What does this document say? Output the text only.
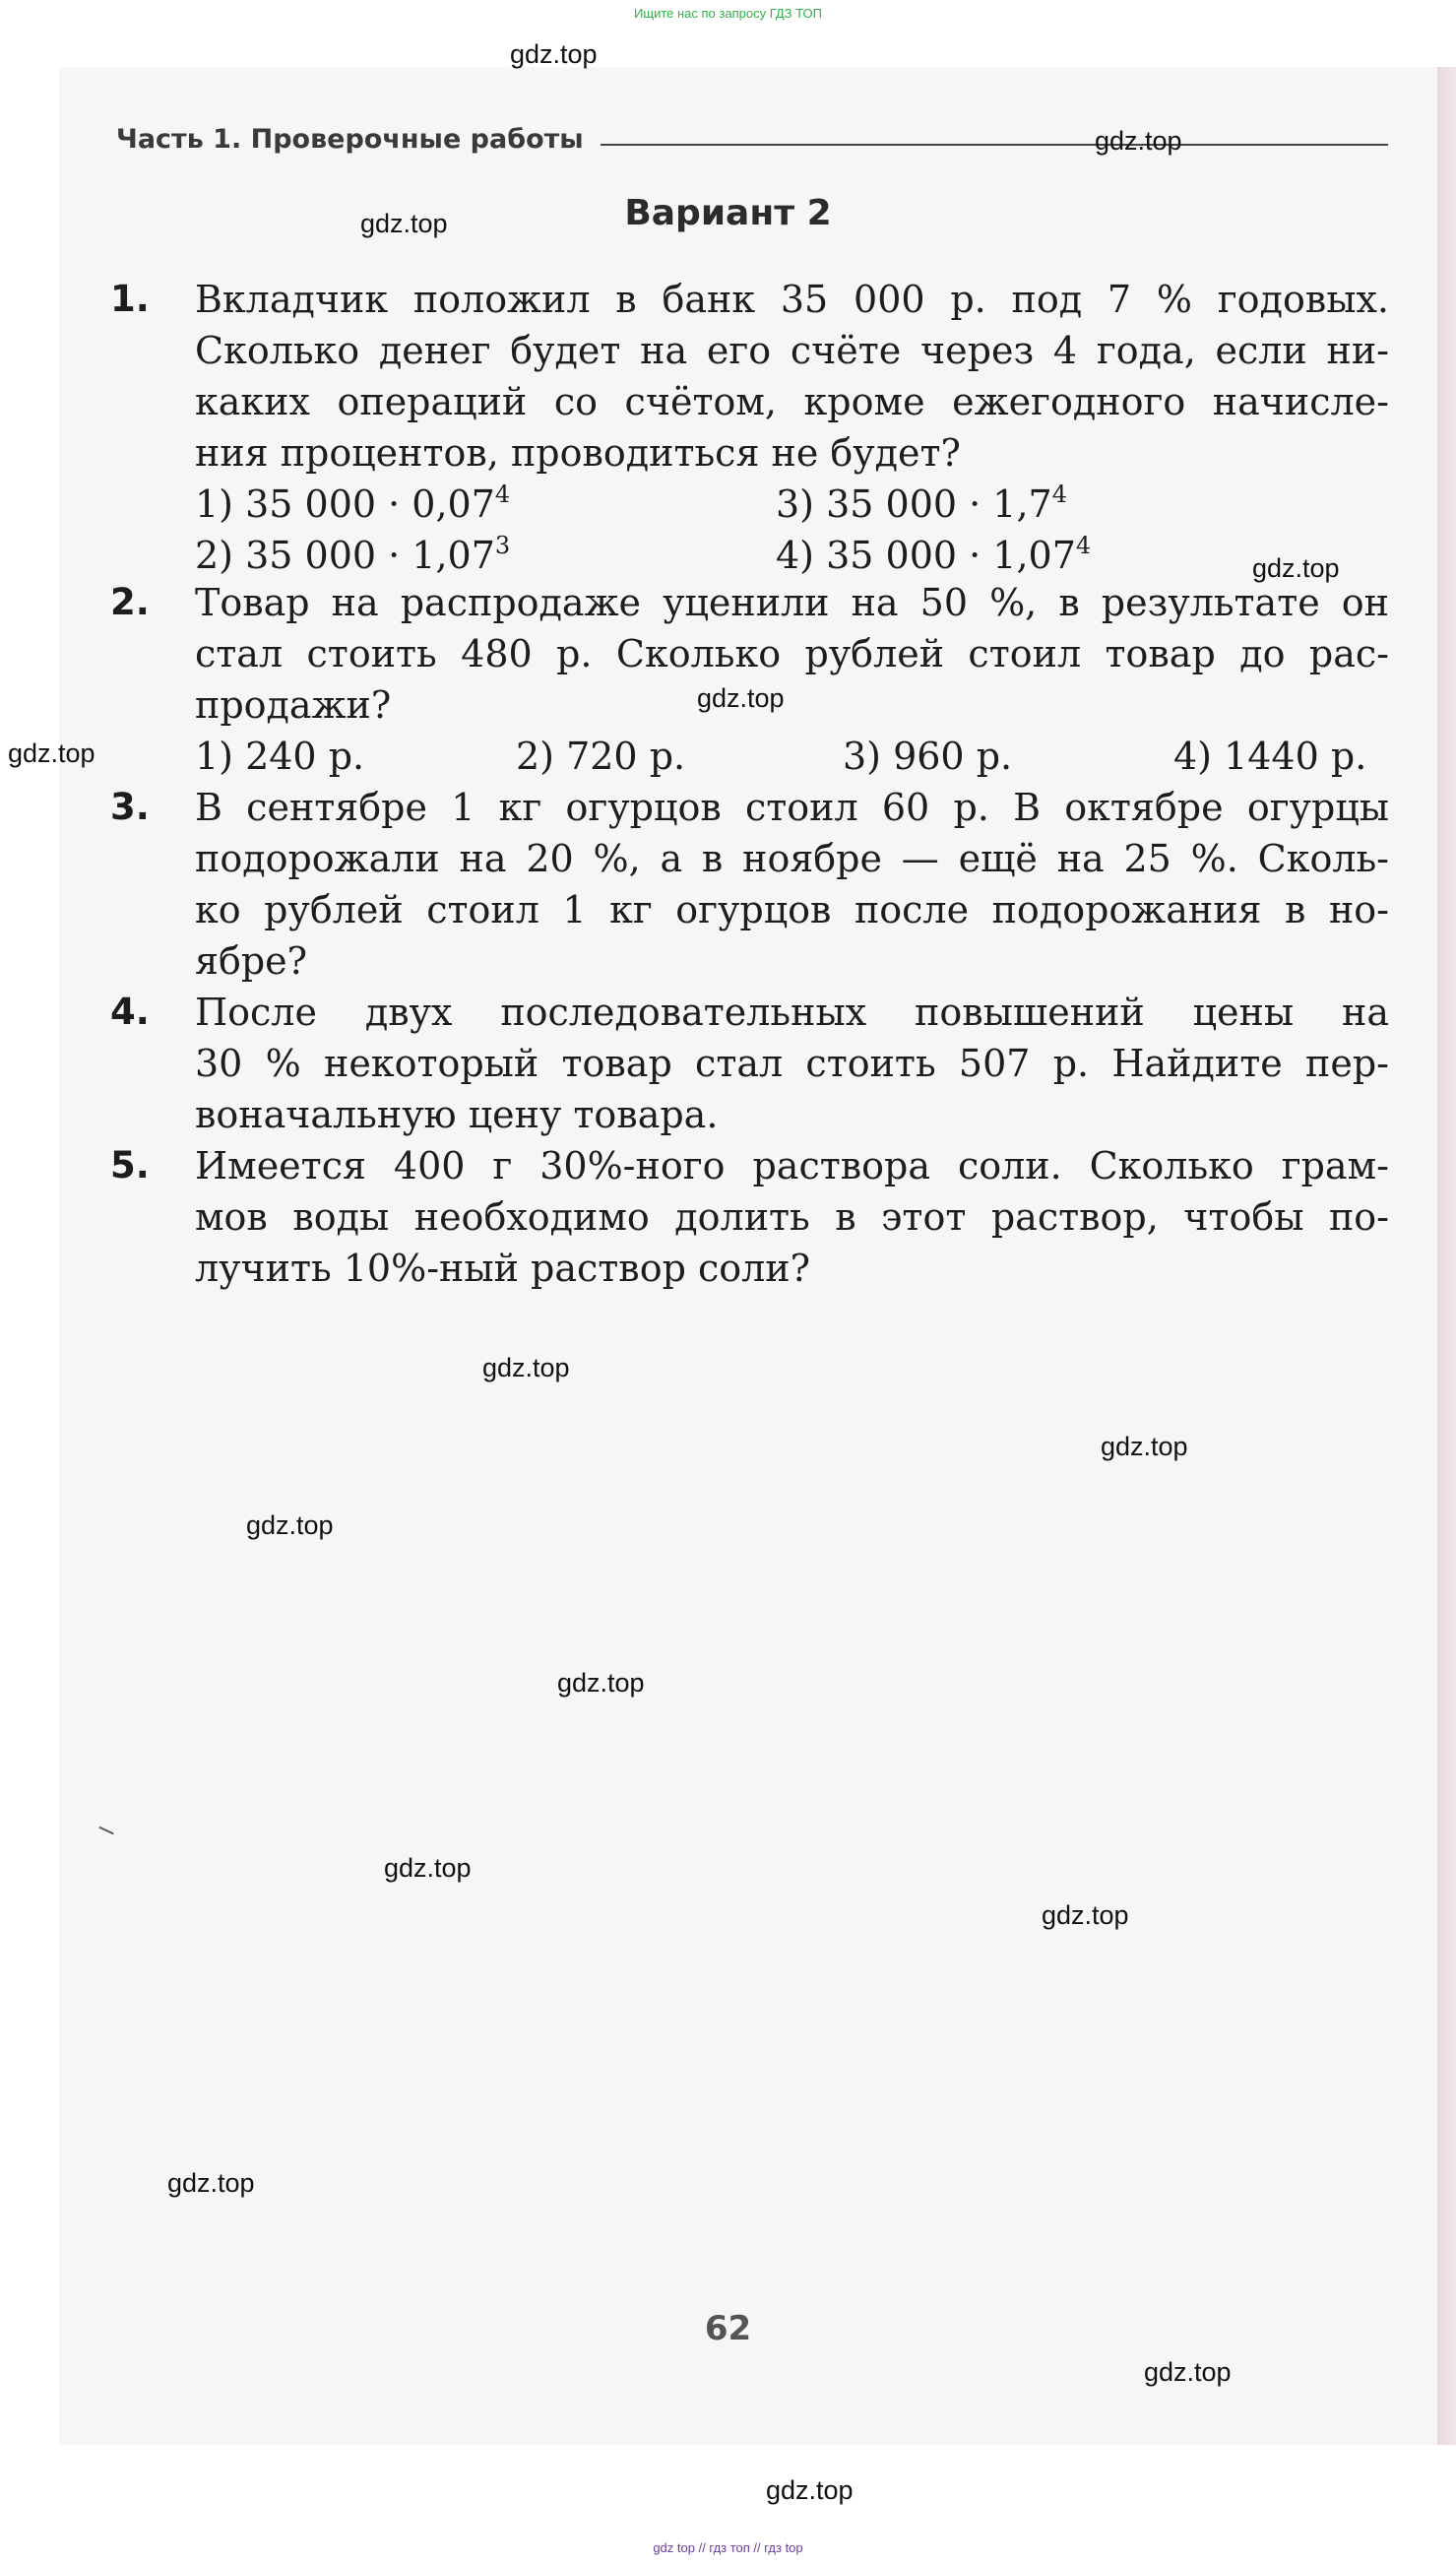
Ищите нас по запросу ГДЗ ТОП
Часть 1. Проверочные работы
Вариант 2
1. Вкладчик положил в банк 35 000 р. под 7 % годовых.
Сколько денег будет на его счёте через 4 года, если ни-
каких операций со счётом, кроме ежегодного начисле-
ния процентов, проводиться не будет?
1) 35 $000 \cdot 0,07^4$	3) 35 $000 \cdot 1,7^4$
2) 35 $000 \cdot 1,07^3$	4) 35 $000 \cdot 1,07^4$
2. Товар на распродаже уценили на 50 %, в результате он
стал стоить 480 р. Сколько рублей стоил товар до рас-
продажи?
1) 240 р.	2) 720 р.	3) 960 р.	4) 1440 р.
3. В сентябре 1 кг огурцов стоил 60 р. В октябре огурцы
подорожали на 20 %, а в ноябре — ещё на 25 %. Сколь-
ко рублей стоил 1 кг огурцов после подорожания в но-
ябре?
4. После двух последовательных повышений цены на
30 % некоторый товар стал стоить 507 р. Найдите пер-
воначальную цену товара.
5. Имеется 400 г 30%-ного раствора соли. Сколько грам-
мов воды необходимо долить в этот раствор, чтобы по-
лучить 10%-ный раствор соли?
gdz.top
gdz.top
gdz.top
gdz.top
gdz.top
gdz.top
gdz.top
gdz.top
gdz.top
gdz.top
gdz.top
gdz.top
gdz.top
gdz.top
gdz.top
62
gdz top // гдз топ // гдз top
